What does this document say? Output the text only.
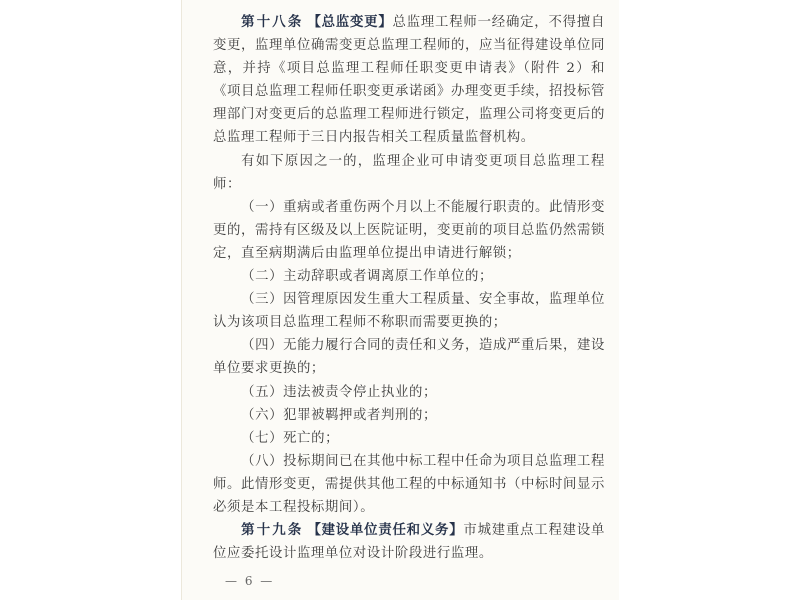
第十八条 【总监变更】总监理工程师一经确定，不得擅自变更，监理单位确需变更总监理工程师的，应当征得建设单位同意，并持《项目总监理工程师任职变更申请表》（附件 2）和《项目总监理工程师任职变更承诺函》办理变更手续，招投标管理部门对变更后的总监理工程师进行锁定，监理公司将变更后的总监理工程师于三日内报告相关工程质量监督机构。

有如下原因之一的，监理企业可申请变更项目总监理工程师：

（一）重病或者重伤两个月以上不能履行职责的。此情形变更的，需持有区级及以上医院证明，变更前的项目总监仍然需锁定，直至病期满后由监理单位提出申请进行解锁；

（二）主动辞职或者调离原工作单位的；

（三）因管理原因发生重大工程质量、安全事故，监理单位认为该项目总监理工程师不称职而需要更换的；

（四）无能力履行合同的责任和义务，造成严重后果，建设单位要求更换的；

（五）违法被责令停止执业的；

（六）犯罪被羁押或者判刑的；

（七）死亡的；

（八）投标期间已在其他中标工程中任命为项目总监理工程师。此情形变更，需提供其他工程的中标通知书（中标时间显示必须是本工程投标期间）。

第十九条 【建设单位责任和义务】市城建重点工程建设单位应委托设计监理单位对设计阶段进行监理。

— 6 —
